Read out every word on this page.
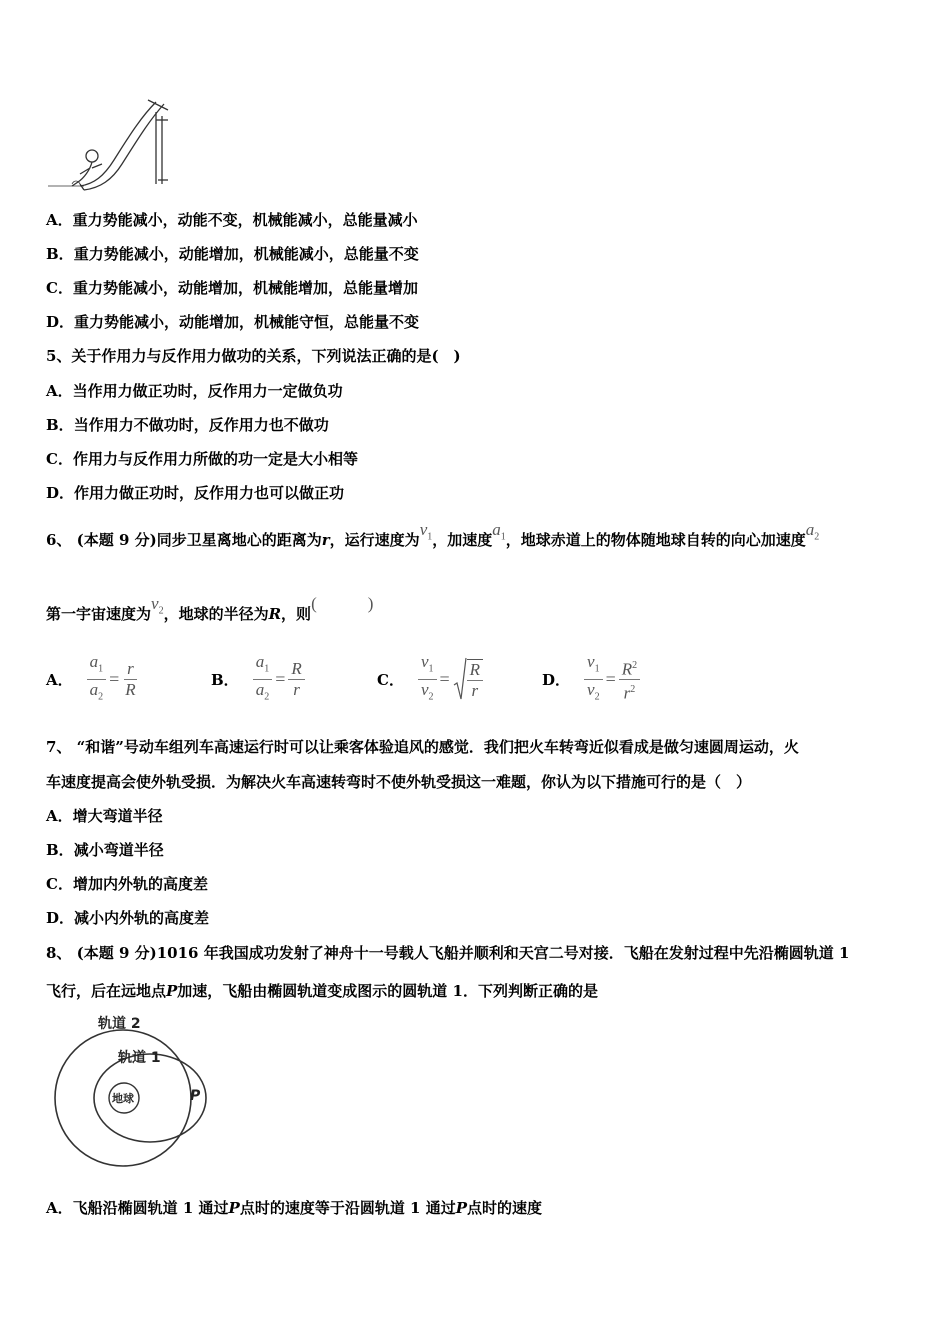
A．重力势能减小，动能不变，机械能减小，总能量减小
B．重力势能减小，动能增加，机械能减小，总能量不变
C．重力势能减小，动能增加，机械能增加，总能量增加
D．重力势能减小，动能增加，机械能守恒，总能量不变
5、关于作用力与反作用力做功的关系，下列说法正确的是(　)
A．当作用力做正功时，反作用力一定做负功
B．当作用力不做功时，反作用力也不做功
C．作用力与反作用力所做的功一定是大小相等
D．作用力做正功时，反作用力也可以做正功
6、 (本题 9 分)同步卫星离地心的距离为r，运行速度为$v_1$，加速度$a_1$，地球赤道上的物体随地球自转的向心加速度$a_2$
第一宇宙速度为$v_2$，地球的半径为R，则(　　　)
A． $\frac{a_1}{a_2} = \frac{r}{R}$	B． $\frac{a_1}{a_2} = \frac{R}{r}$	C． $\frac{v_1}{v_2} = \frac{R}{r}$	D． $\frac{v_1}{v_2} = \frac{R^2}{r^2}$
7、 “和谐”号动车组列车高速运行时可以让乘客体验追风的感觉．我们把火车转弯近似看成是做匀速圆周运动，火
车速度提高会使外轨受损．为解决火车高速转弯时不使外轨受损这一难题，你认为以下措施可行的是（　）
A．增大弯道半径
B．减小弯道半径
C．增加内外轨的高度差
D．减小内外轨的高度差
8、 (本题 9 分)1016 年我国成功发射了神舟十一号载人飞船并顺利和天宫二号对接．飞船在发射过程中先沿椭圆轨道 1
飞行，后在远地点P加速，飞船由椭圆轨道变成图示的圆轨道 1．下列判断正确的是
轨道 2
轨道 1
地球	P
A．飞船沿椭圆轨道 1 通过P点时的速度等于沿圆轨道 1 通过P点时的速度
